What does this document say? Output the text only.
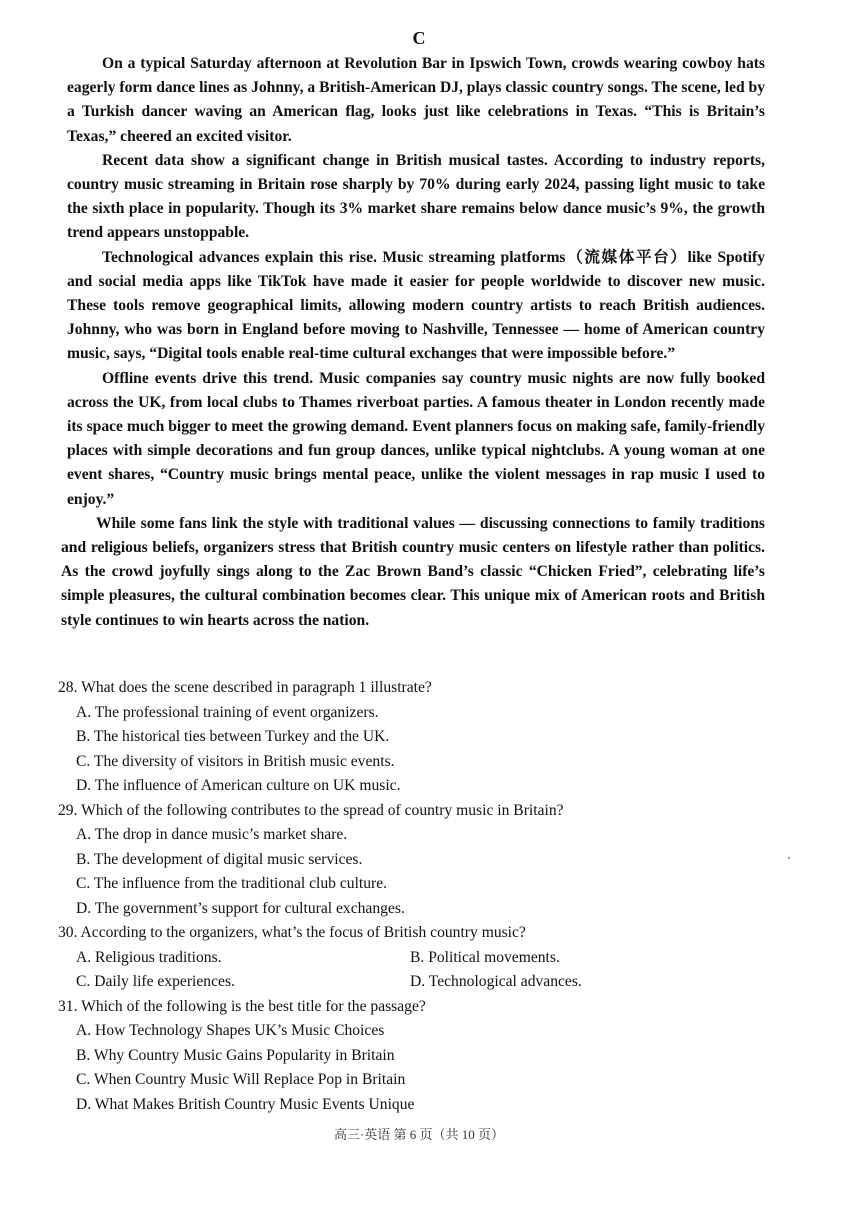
C

On a typical Saturday afternoon at Revolution Bar in Ipswich Town, crowds wearing cowboy hats eagerly form dance lines as Johnny, a British-American DJ, plays classic country songs. The scene, led by a Turkish dancer waving an American flag, looks just like celebrations in Texas. “This is Britain’s Texas,” cheered an excited visitor.

Recent data show a significant change in British musical tastes. According to industry reports, country music streaming in Britain rose sharply by 70% during early 2024, passing light music to take the sixth place in popularity. Though its 3% market share remains below dance music’s 9%, the growth trend appears unstoppable.

Technological advances explain this rise. Music streaming platforms（流媒体平台）like Spotify and social media apps like TikTok have made it easier for people worldwide to discover new music. These tools remove geographical limits, allowing modern country artists to reach British audiences. Johnny, who was born in England before moving to Nashville, Tennessee — home of American country music, says, “Digital tools enable real-time cultural exchanges that were impossible before.”

Offline events drive this trend. Music companies say country music nights are now fully booked across the UK, from local clubs to Thames riverboat parties. A famous theater in London recently made its space much bigger to meet the growing demand. Event planners focus on making safe, family-friendly places with simple decorations and fun group dances, unlike typical nightclubs. A young woman at one event shares, “Country music brings mental peace, unlike the violent messages in rap music I used to enjoy.”

While some fans link the style with traditional values — discussing connections to family traditions and religious beliefs, organizers stress that British country music centers on lifestyle rather than politics. As the crowd joyfully sings along to the Zac Brown Band’s classic “Chicken Fried”, celebrating life’s simple pleasures, the cultural combination becomes clear. This unique mix of American roots and British style continues to win hearts across the nation.

28. What does the scene described in paragraph 1 illustrate?

A. The professional training of event organizers.

B. The historical ties between Turkey and the UK.

C. The diversity of visitors in British music events.

D. The influence of American culture on UK music.

29. Which of the following contributes to the spread of country music in Britain?

A. The drop in dance music’s market share.

B. The development of digital music services.

C. The influence from the traditional club culture.

D. The government’s support for cultural exchanges.

30. According to the organizers, what’s the focus of British country music?

A. Religious traditions.	B. Political movements.
C. Daily life experiences.	D. Technological advances.

31. Which of the following is the best title for the passage?

A. How Technology Shapes UK’s Music Choices

B. Why Country Music Gains Popularity in Britain

C. When Country Music Will Replace Pop in Britain

D. What Makes British Country Music Events Unique

高三·英语 第 6 页（共 10 页）
